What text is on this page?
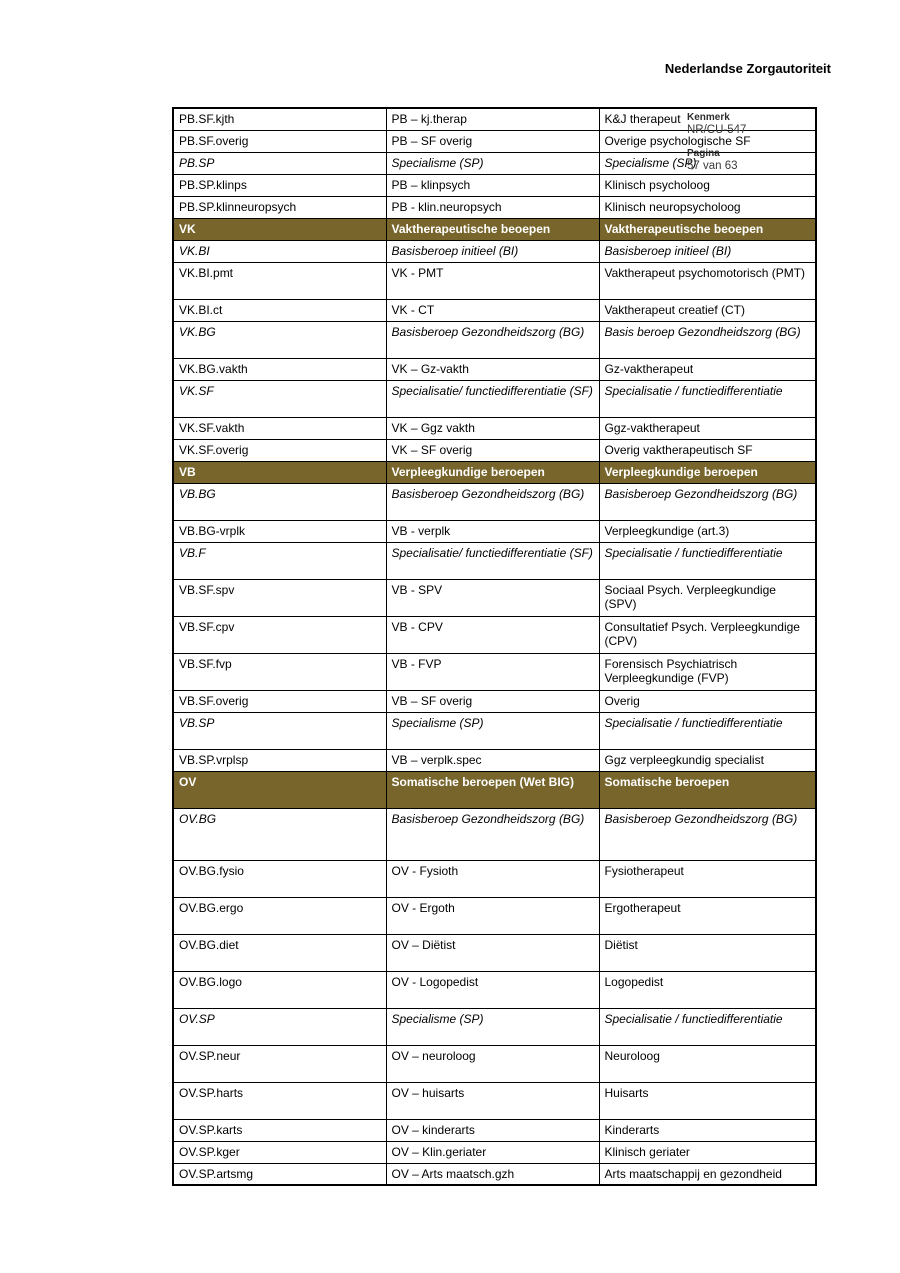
Nederlandse Zorgautoriteit
PB.SF.kjth	PB – kj.therap	K&J therapeut
PB.SF.overig	PB – SF overig	Overige psychologische SF
PB.SP	Specialisme (SP)	Specialisme (SP)
PB.SP.klinps	PB – klinpsych	Klinisch psycholoog
PB.SP.klinneuropsych	PB - klin.neuropsych	Klinisch neuropsycholoog
VK	Vaktherapeutische beoepen	Vaktherapeutische beoepen
VK.BI	Basisberoep initieel (BI)	Basisberoep initieel (BI)
VK.BI.pmt	VK - PMT	Vaktherapeut psychomotorisch (PMT)
VK.BI.ct	VK - CT	Vaktherapeut creatief (CT)
VK.BG	Basisberoep Gezondheidszorg (BG)	Basis beroep Gezondheidszorg (BG)
VK.BG.vakth	VK – Gz-vakth	Gz-vaktherapeut
VK.SF	Specialisatie/ functiedifferentiatie (SF)	Specialisatie / functiedifferentiatie
VK.SF.vakth	VK – Ggz vakth	Ggz-vaktherapeut
VK.SF.overig	VK – SF overig	Overig vaktherapeutisch SF
VB	Verpleegkundige beroepen	Verpleegkundige beroepen
VB.BG	Basisberoep Gezondheidszorg (BG)	Basisberoep Gezondheidszorg (BG)
VB.BG-vrplk	VB - verplk	Verpleegkundige (art.3)
VB.F	Specialisatie/ functiedifferentiatie (SF)	Specialisatie / functiedifferentiatie
VB.SF.spv	VB - SPV	Sociaal Psych. Verpleegkundige (SPV)
VB.SF.cpv	VB - CPV	Consultatief Psych. Verpleegkundige (CPV)
VB.SF.fvp	VB - FVP	Forensisch Psychiatrisch Verpleegkundige (FVP)
VB.SF.overig	VB – SF overig	Overig
VB.SP	Specialisme (SP)	Specialisatie / functiedifferentiatie
VB.SP.vrplsp	VB – verplk.spec	Ggz verpleegkundig specialist
OV	Somatische beroepen (Wet BIG)	Somatische beroepen
OV.BG	Basisberoep Gezondheidszorg (BG)	Basisberoep Gezondheidszorg (BG)
OV.BG.fysio	OV - Fysioth	Fysiotherapeut
OV.BG.ergo	OV - Ergoth	Ergotherapeut
OV.BG.diet	OV – Diëtist	Diëtist
OV.BG.logo	OV - Logopedist	Logopedist
OV.SP	Specialisme (SP)	Specialisatie / functiedifferentiatie
OV.SP.neur	OV – neuroloog	Neuroloog
OV.SP.harts	OV – huisarts	Huisarts
OV.SP.karts	OV – kinderarts	Kinderarts
OV.SP.kger	OV – Klin.geriater	Klinisch geriater
OV.SP.artsmg	OV – Arts maatsch.gzh	Arts maatschappij en gezondheid
Kenmerk
NR/CU-547
Pagina
57 van 63
